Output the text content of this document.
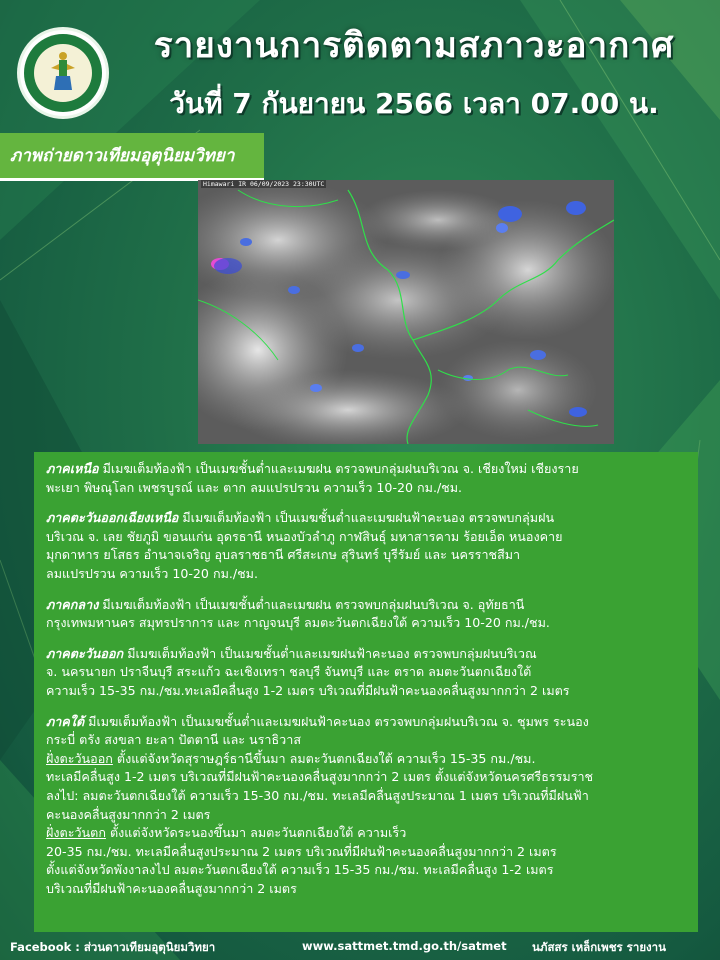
รายงานการติดตามสภาวะอากาศ
วันที่ 7 กันยายน 2566 เวลา 07.00 น.
ภาพถ่ายดาวเทียมอุตุนิยมวิทยา
Himawari IR 06/09/2023 23:30UTC
ภาคเหนือ มีเมฆเต็มท้องฟ้า เป็นเมฆชั้นต่ำและเมฆฝน ตรวจพบกลุ่มฝนบริเวณ จ. เชียงใหม่ เชียงราย
พะเยา พิษณุโลก เพชรบูรณ์ และ ตาก ลมแปรปรวน ความเร็ว 10-20 กม./ชม.
ภาคตะวันออกเฉียงเหนือ มีเมฆเต็มท้องฟ้า เป็นเมฆชั้นต่ำและเมฆฝนฟ้าคะนอง ตรวจพบกลุ่มฝน
บริเวณ จ. เลย ชัยภูมิ ขอนแก่น อุดรธานี หนองบัวลำภู กาฬสินธุ์ มหาสารคาม ร้อยเอ็ด หนองคาย
มุกดาหาร ยโสธร อำนาจเจริญ อุบลราชธานี ศรีสะเกษ สุรินทร์ บุรีรัมย์ และ นครราชสีมา
ลมแปรปรวน ความเร็ว 10-20 กม./ชม.
ภาคกลาง มีเมฆเต็มท้องฟ้า เป็นเมฆชั้นต่ำและเมฆฝน ตรวจพบกลุ่มฝนบริเวณ จ. อุทัยธานี
กรุงเทพมหานคร สมุทรปราการ และ กาญจนบุรี ลมตะวันตกเฉียงใต้ ความเร็ว 10-20 กม./ชม.
ภาคตะวันออก มีเมฆเต็มท้องฟ้า เป็นเมฆชั้นต่ำและเมฆฝนฟ้าคะนอง ตรวจพบกลุ่มฝนบริเวณ
จ. นครนายก ปราจีนบุรี สระแก้ว ฉะเชิงเทรา ชลบุรี จันทบุรี และ ตราด ลมตะวันตกเฉียงใต้
ความเร็ว 15-35 กม./ชม.ทะเลมีคลื่นสูง 1-2 เมตร บริเวณที่มีฝนฟ้าคะนองคลื่นสูงมากกว่า 2 เมตร
ภาคใต้ มีเมฆเต็มท้องฟ้า เป็นเมฆชั้นต่ำและเมฆฝนฟ้าคะนอง ตรวจพบกลุ่มฝนบริเวณ จ. ชุมพร ระนอง
กระบี่ ตรัง สงขลา ยะลา ปัตตานี และ นราธิวาส
ฝั่งตะวันออก ตั้งแต่จังหวัดสุราษฎร์ธานีขึ้นมา ลมตะวันตกเฉียงใต้ ความเร็ว 15-35 กม./ชม.
ทะเลมีคลื่นสูง 1-2 เมตร บริเวณที่มีฝนฟ้าคะนองคลื่นสูงมากกว่า 2 เมตร ตั้งแต่จังหวัดนครศรีธรรมราช
ลงไป: ลมตะวันตกเฉียงใต้ ความเร็ว 15-30 กม./ชม. ทะเลมีคลื่นสูงประมาณ 1 เมตร บริเวณที่มีฝนฟ้า
คะนองคลื่นสูงมากกว่า 2 เมตร
ฝั่งตะวันตก ตั้งแต่จังหวัดระนองขึ้นมา ลมตะวันตกเฉียงใต้ ความเร็ว
20-35 กม./ชม. ทะเลมีคลื่นสูงประมาณ 2 เมตร บริเวณที่มีฝนฟ้าคะนองคลื่นสูงมากกว่า 2 เมตร
ตั้งแต่จังหวัดพังงาลงไป ลมตะวันตกเฉียงใต้ ความเร็ว 15-35 กม./ชม. ทะเลมีคลื่นสูง 1-2 เมตร
บริเวณที่มีฝนฟ้าคะนองคลื่นสูงมากกว่า 2 เมตร
Facebook : ส่วนดาวเทียมอุตุนิยมวิทยา	www.sattmet.tmd.go.th/satmet นภัสสร เหล็กเพชร รายงาน
